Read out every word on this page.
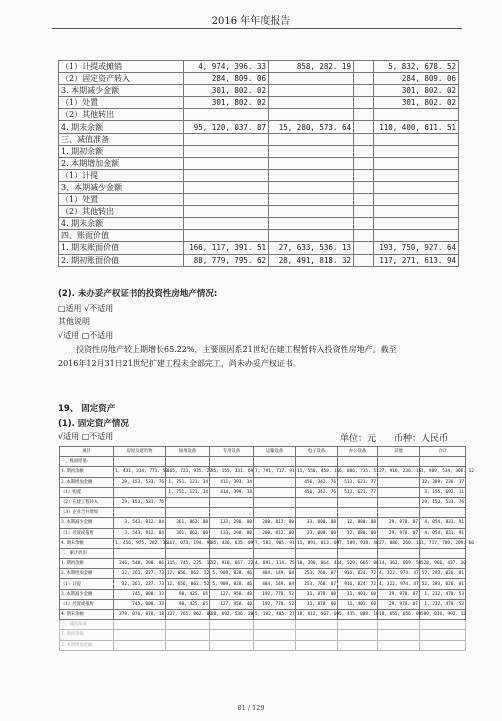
2016 年年度报告
（1）计提或摊销	4, 974, 396. 33	858, 282. 19		5, 832, 678. 52
（2）固定资产转入	284, 809. 06			284, 809. 06
3. 本期减少金额	301, 802. 02			301, 802. 02
（1）处置	301, 802. 02			301, 802. 02
（2）其他转出				
4. 期末余额	95, 120, 037. 87	15, 280, 573. 64		110, 400, 611. 51
三、减值准备				
1. 期初余额				
2. 本期增加金额				
（1）计提				
3、本期减少金额				
（1）处置				
（2）其他转出				
4. 期末余额				
四、账面价值				
1. 期末账面价值	166, 117, 391. 51	27, 633, 536. 13		193, 750, 927. 64
2. 期初账面价值	88, 779, 795. 62	28, 491, 818. 32		117, 271, 613. 94
(2). 未办妥产权证书的投资性房地产情况:
□适用 √不适用
其他说明
√适用 □不适用
投资性房地产较上期增长65.22%，主要原因系21世纪在建工程暂转入投资性房地产。截至
2016年12月31日21世纪扩建工程未全部完工，尚未办妥产权证书。
19、 固定资产
(1). 固定资产情况
√适用 □不适用	单位：元 币种：人民币
项目	房屋及建筑物	通用设备	专用设备	运输设备	电子设备	办公设备	其他	合计
一、账面原值:								
1. 期初余额	1, 431, 314, 771. 50	165, 723, 935. 27	85, 155, 331. 69	7, 791, 717. 91	11, 550, 450. 16	6, 086, 735. 51	27, 916, 236. 16	1, 989, 534, 306. 12
2. 本期增加金额	29, 153, 533. 76	1, 751, 121. 34	411, 393. 34		456, 342. 76	513, 621. 77		32, 309, 236. 17
（1）购置		1, 751, 121. 34	414, 399. 34		456, 342. 76	513, 621. 77		3, 155, 692. 11
（2）在建工程转入	29, 153, 533. 76							29, 153, 533. 76
（3）企业合并增加								
3. 本期减少金额	3, 543, 912. 84	361, 862. 00	133, 290. 00	200, 812. 00	33, 000. 00	12, 880. 00	29, 978. 07	4, 054, 831. 91
（1）处置或报废	3, 543, 912. 84	361, 862. 00	133, 290. 00	200, 812. 00	33, 000. 00	12, 880. 00	29, 978. 07	4, 054, 831. 91
4. 期末余额	1, 456, 975, 282. 36	167, 073, 194. 91	85, 436, 635. 09	7, 583, 905. 91	11, 891, 013. 09	7, 589, 938. 48	27, 886, 260. 11	1, 717, 789, 209. 60
二、累计折旧								
1. 期初余额	346, 548, 390. 06	115, 745, 225. 12	32, 910, 667. 22	4, 891, 114. 75	10, 390, 864. 41	4, 529, 665. 06	14, 362, 609. 50	528, 966, 437. 10
2. 本期增加金额	32, 261, 227. 73	12, 656, 062. 52	5, 909, 828. 46	484, 149. 04	253, 760. 07	916, 824. 72	4, 322, 974. 47	52, 283, 026. 01
（1）计提	32, 261, 227. 73	12, 656, 062. 52	5, 909, 828. 46	484, 149. 04	253, 760. 07	916, 824. 72	4, 322, 974. 47	52, 283, 026. 01
3. 本期减少金额	745, 008. 33	90, 425. 65	127, 958. 40	192, 778. 52	31, 878. 00	11, 401. 60	29, 978. 07	1, 232, 470. 53
（1）处置或报废	745, 008. 33	90, 425. 65	127, 958. 40	192, 778. 52	31, 878. 00	11, 401. 60	29, 978. 07	1, 232, 470. 53
4. 期末余额	378, 076, 878. 18	127, 765, 862. 00	38, 692, 536. 28	5, 182, 485. 27	10, 612, 567. 08	5, 435, 088. 18	18, 655, 656. 00	580, 016, 992. 12
三、减值准备								
1. 期初余额								
2. 本期增加金额								
81 / 129
